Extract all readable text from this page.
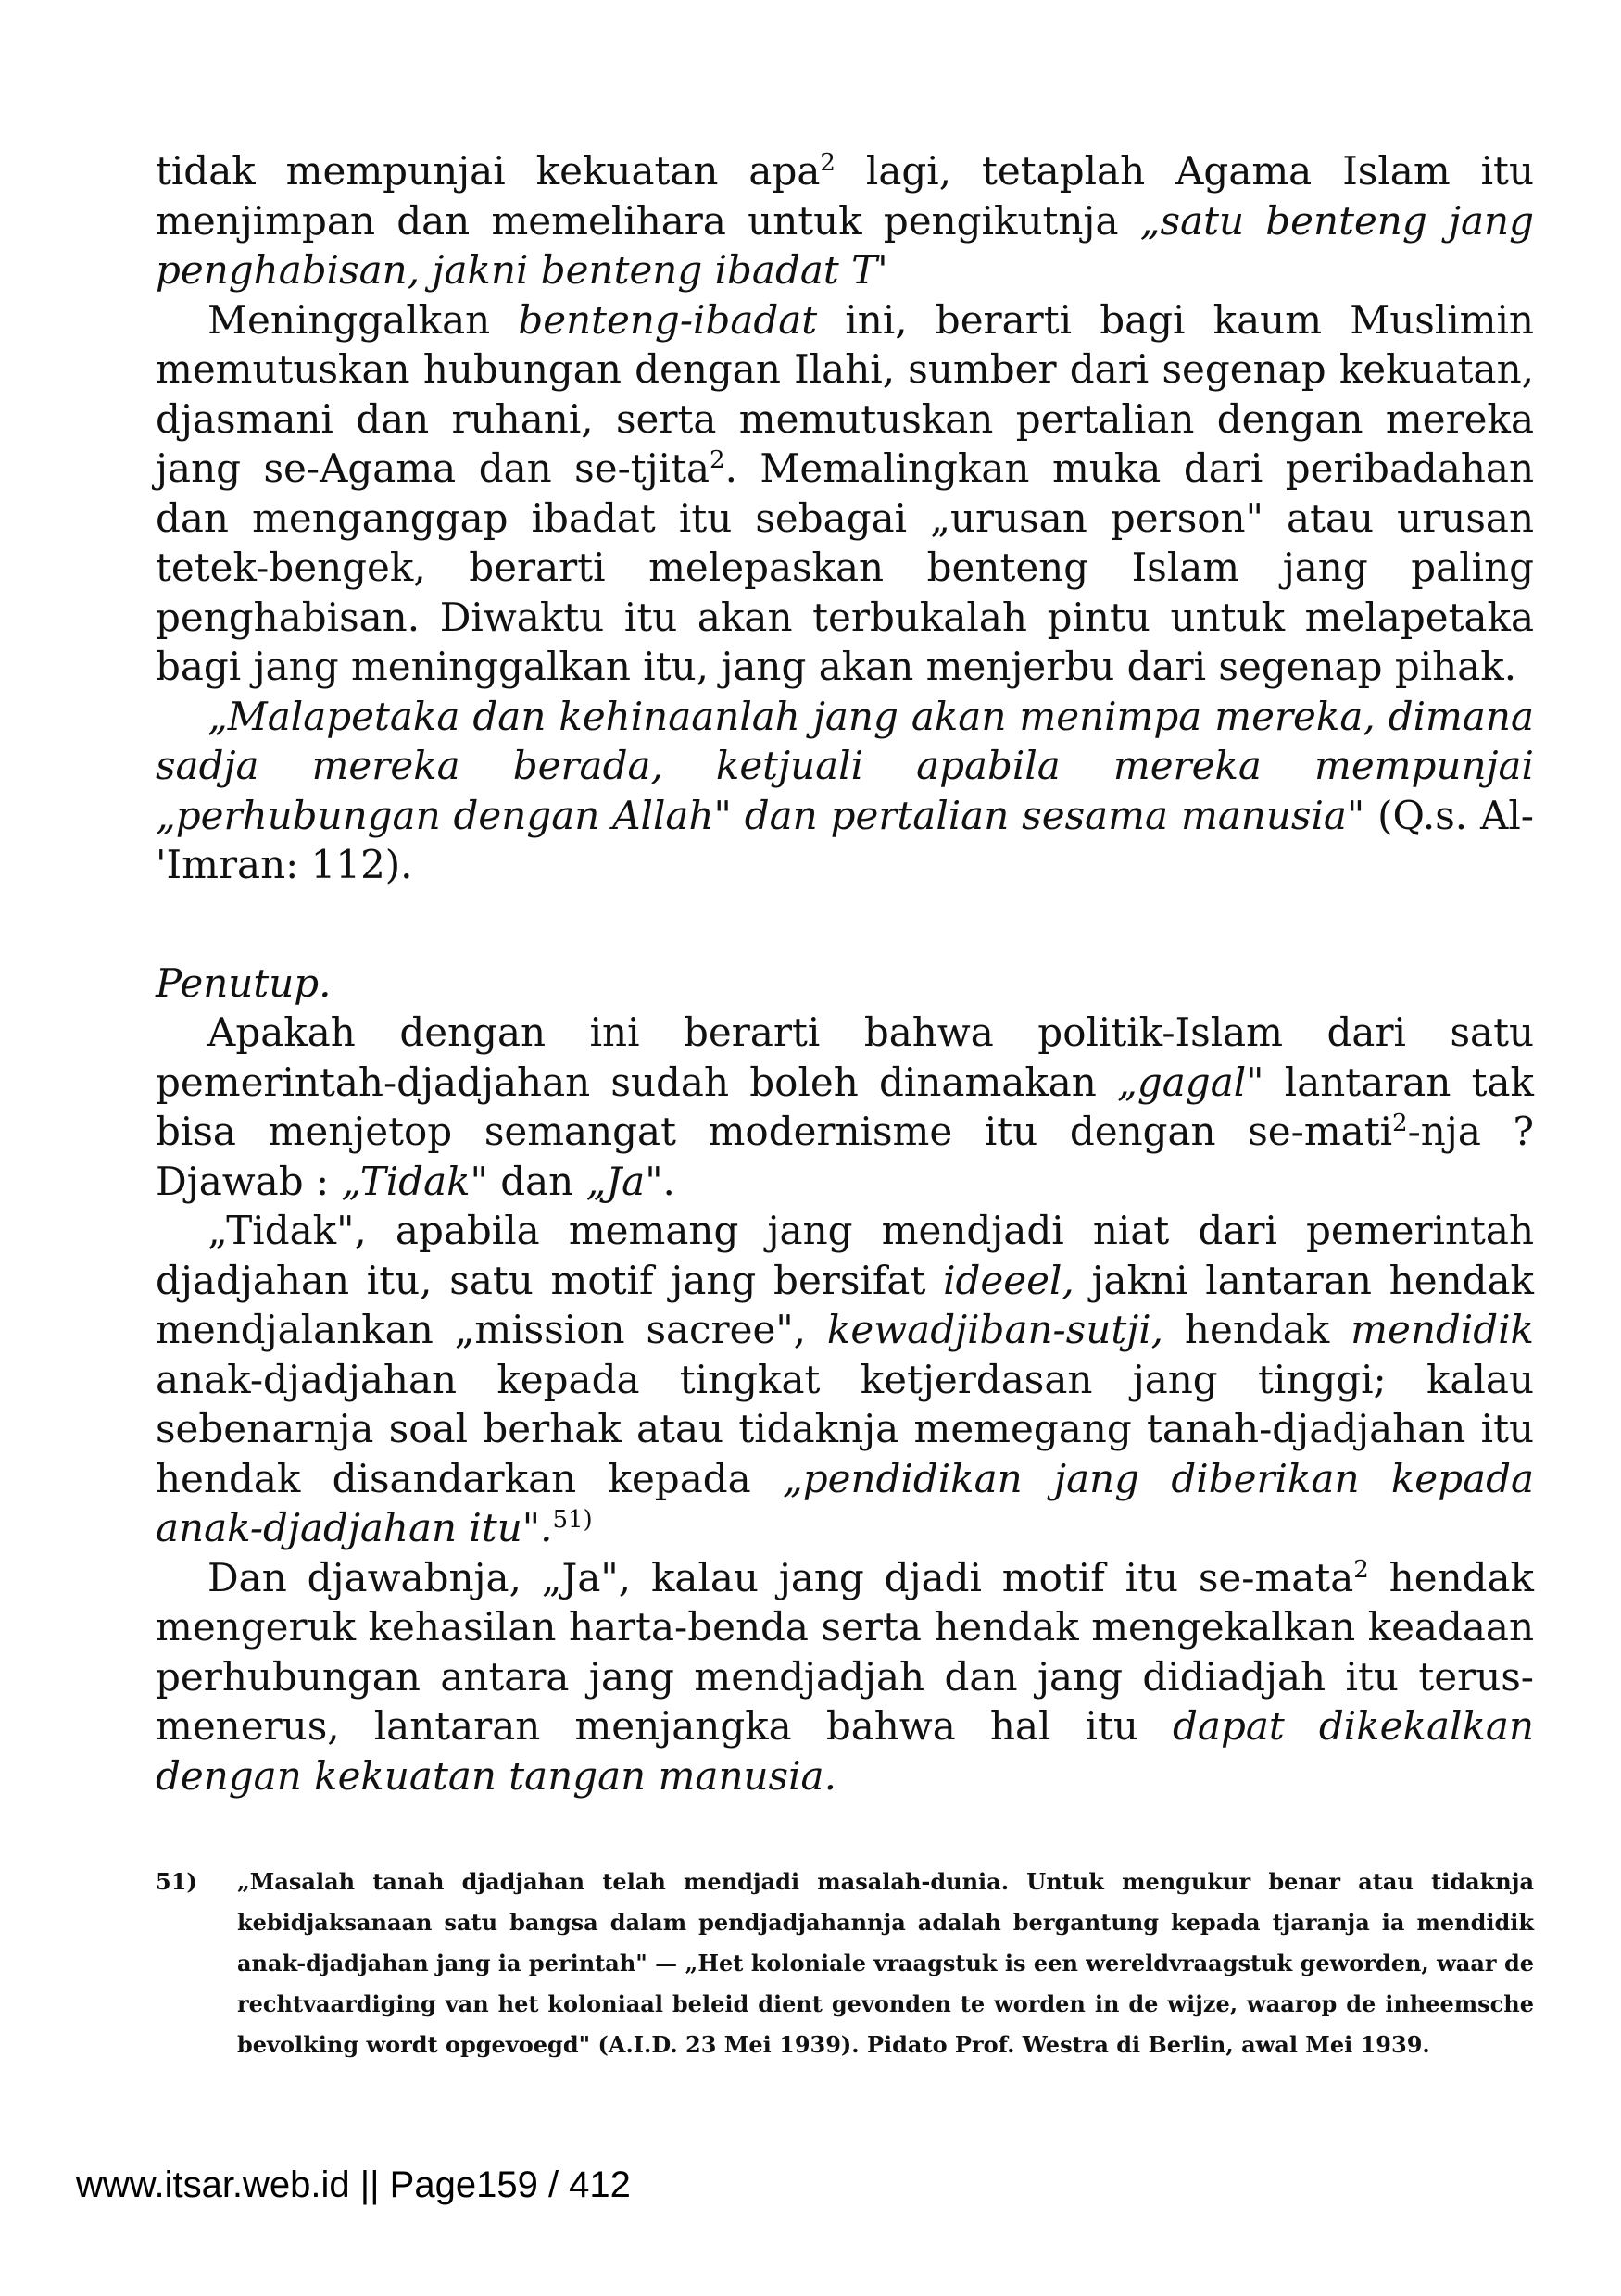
tidak mempunjai kekuatan apa$^2$ lagi, tetaplah Agama Islam itu menjimpan dan memelihara untuk pengikutnja „satu benteng jang penghabisan, jakni benteng ibadat T'

Meninggalkan benteng-ibadat ini, berarti bagi kaum Muslimin memutuskan hubungan dengan Ilahi, sumber dari segenap kekuatan, djasmani dan ruhani, serta memutuskan pertalian dengan mereka jang se-Agama dan se-tjita$^2$. Memalingkan muka dari peribadahan dan menganggap ibadat itu sebagai „urusan person" atau urusan tetek-bengek, berarti melepaskan benteng Islam jang paling penghabisan. Diwaktu itu akan terbukalah pintu untuk melapetaka bagi jang meninggalkan itu, jang akan menjerbu dari segenap pihak.

„Malapetaka dan kehinaanlah jang akan menimpa mereka, dimana sadja mereka berada, ketjuali apabila mereka mempunjai „perhubungan dengan Allah" dan pertalian sesama manusia" (Q.s. Al-'Imran: 112).

Penutup.

Apakah dengan ini berarti bahwa politik-Islam dari satu pemerintah-djadjahan sudah boleh dinamakan „gagal" lantaran tak bisa menjetop semangat modernisme itu dengan se-mati$^2$-nja ? Djawab : „Tidak" dan „Ja".

„Tidak", apabila memang jang mendjadi niat dari pemerintah djadjahan itu, satu motif jang bersifat ideeel, jakni lantaran hendak mendjalankan „mission sacree", kewadjiban-sutji, hendak mendidik anak-djadjahan kepada tingkat ketjerdasan jang tinggi; kalau sebenarnja soal berhak atau tidaknja memegang tanah-djadjahan itu hendak disandarkan kepada „pendidikan jang diberikan kepada anak-djadjahan itu".$^{51)}$

Dan djawabnja, „Ja", kalau jang djadi motif itu se-mata$^2$ hendak mengeruk kehasilan harta-benda serta hendak mengekalkan keadaan perhubungan antara jang mendjadjah dan jang didiadjah itu terus-menerus, lantaran menjangka bahwa hal itu dapat dikekalkan dengan kekuatan tangan manusia.

51)	„Masalah tanah djadjahan telah mendjadi masalah-dunia. Untuk mengukur benar atau tidaknja kebidjaksanaan satu bangsa dalam pendjadjahannja adalah bergantung kepada tjaranja ia mendidik anak-djadjahan jang ia perintah" — „Het koloniale vraagstuk is een wereldvraagstuk geworden, waar de rechtvaardiging van het koloniaal beleid dient gevonden te worden in de wijze, waarop de inheemsche bevolking wordt opgevoegd" (A.I.D. 23 Mei 1939). Pidato Prof. Westra di Berlin, awal Mei 1939.
www.itsar.web.id || Page159 / 412
